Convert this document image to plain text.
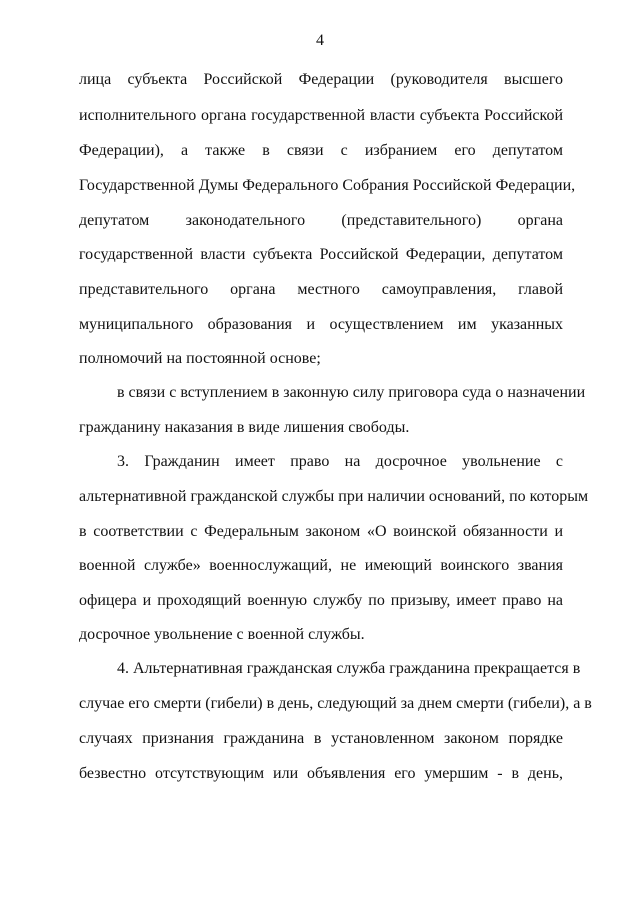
4
лица субъекта Российской Федерации (руководителя высшего
исполнительного органа государственной власти субъекта Российской
Федерации), а также в связи с избранием его депутатом
Государственной Думы Федерального Собрания Российской Федерации,
депутатом законодательного (представительного) органа
государственной власти субъекта Российской Федерации, депутатом
представительного органа местного самоуправления, главой
муниципального образования и осуществлением им указанных
полномочий на постоянной основе;
в связи с вступлением в законную силу приговора суда о назначении
гражданину наказания в виде лишения свободы.
3. Гражданин имеет право на досрочное увольнение с
альтернативной гражданской службы при наличии оснований, по которым
в соответствии с Федеральным законом «О воинской обязанности и
военной службе» военнослужащий, не имеющий воинского звания
офицера и проходящий военную службу по призыву, имеет право на
досрочное увольнение с военной службы.
4. Альтернативная гражданская служба гражданина прекращается в
случае его смерти (гибели) в день, следующий за днем смерти (гибели), а в
случаях признания гражданина в установленном законом порядке
безвестно отсутствующим или объявления его умершим - в день,
